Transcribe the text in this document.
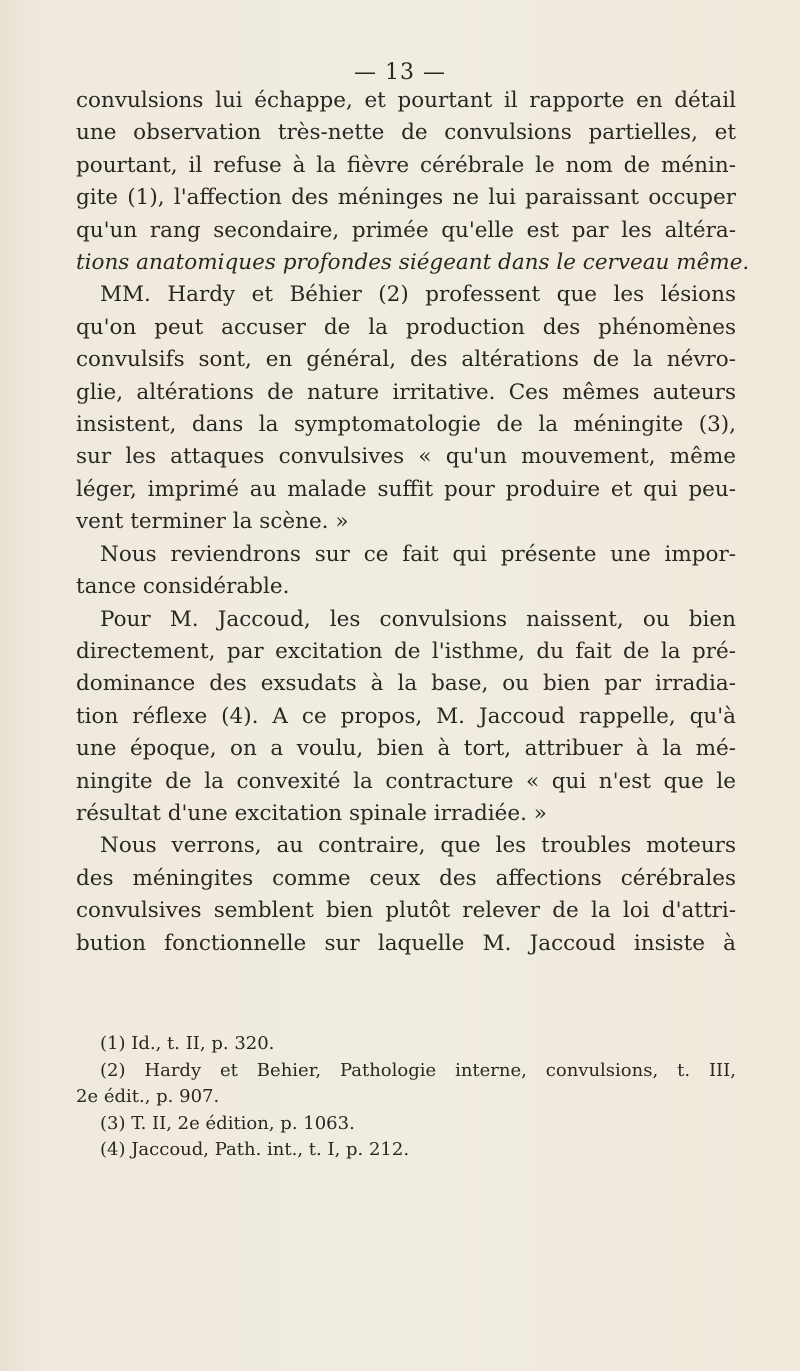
— 13 —
convulsions lui échappe, et pourtant il rapporte en détail
une observation très-nette de convulsions partielles, et
pourtant, il refuse à la fièvre cérébrale le nom de ménin-
gite (1), l'affection des méninges ne lui paraissant occuper
qu'un rang secondaire, primée qu'elle est par les altéra-
tions anatomiques profondes siégeant dans le cerveau même.
MM. Hardy et Béhier (2) professent que les lésions
qu'on peut accuser de la production des phénomènes
convulsifs sont, en général, des altérations de la névro-
glie, altérations de nature irritative. Ces mêmes auteurs
insistent, dans la symptomatologie de la méningite (3),
sur les attaques convulsives « qu'un mouvement, même
léger, imprimé au malade suffit pour produire et qui peu-
vent terminer la scène. »
Nous reviendrons sur ce fait qui présente une impor-
tance considérable.
Pour M. Jaccoud, les convulsions naissent, ou bien
directement, par excitation de l'isthme, du fait de la pré-
dominance des exsudats à la base, ou bien par irradia-
tion réflexe (4). A ce propos, M. Jaccoud rappelle, qu'à
une époque, on a voulu, bien à tort, attribuer à la mé-
ningite de la convexité la contracture « qui n'est que le
résultat d'une excitation spinale irradiée. »
Nous verrons, au contraire, que les troubles moteurs
des méningites comme ceux des affections cérébrales
convulsives semblent bien plutôt relever de la loi d'attri-
bution fonctionnelle sur laquelle M. Jaccoud insiste à
(1) Id., t. II, p. 320.
(2) Hardy et Behier, Pathologie interne, convulsions, t. III,
2e édit., p. 907.
(3) T. II, 2e édition, p. 1063.
(4) Jaccoud, Path. int., t. I, p. 212.
